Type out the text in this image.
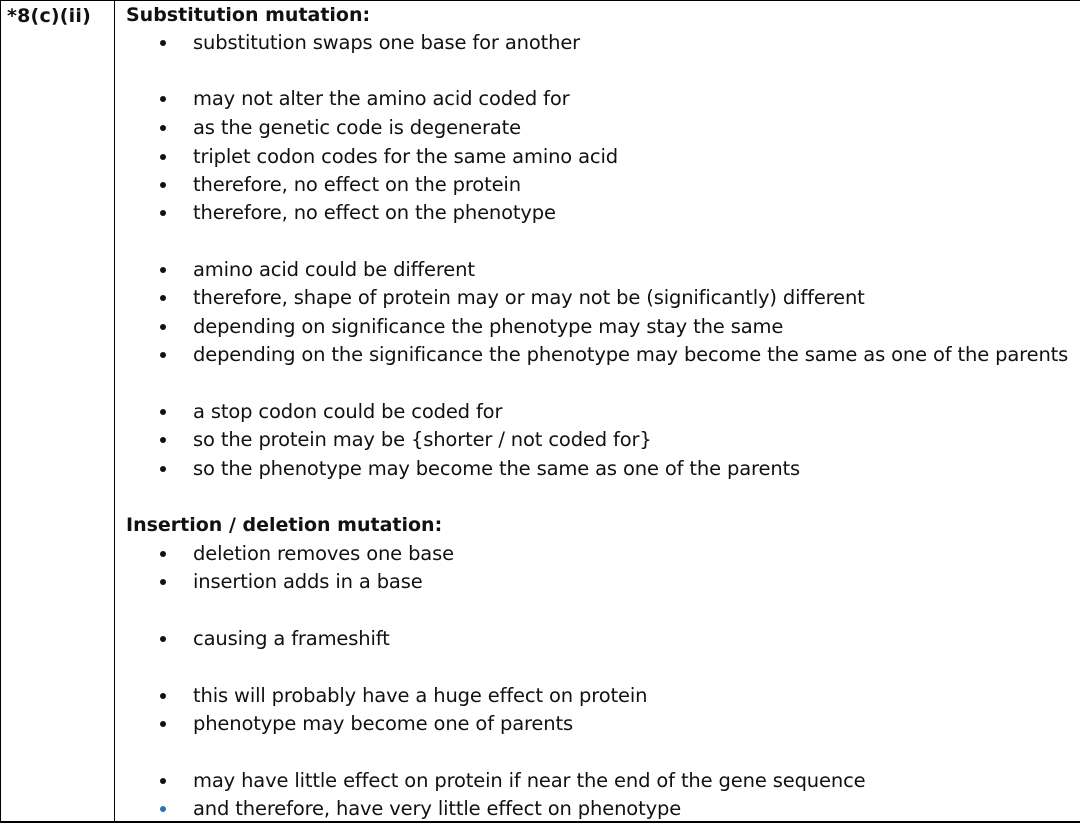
*8(c)(ii) Substitution mutation:
substitution swaps one base for another
may not alter the amino acid coded for
as the genetic code is degenerate
triplet codon codes for the same amino acid
therefore, no effect on the protein
therefore, no effect on the phenotype
amino acid could be different
therefore, shape of protein may or may not be (significantly) different
depending on significance the phenotype may stay the same
depending on the significance the phenotype may become the same as one of the parents
a stop codon could be coded for
so the protein may be {shorter / not coded for}
so the phenotype may become the same as one of the parents
Insertion / deletion mutation:
deletion removes one base
insertion adds in a base
causing a frameshift
this will probably have a huge effect on protein
phenotype may become one of parents
may have little effect on protein if near the end of the gene sequence
and therefore, have very little effect on phenotype
